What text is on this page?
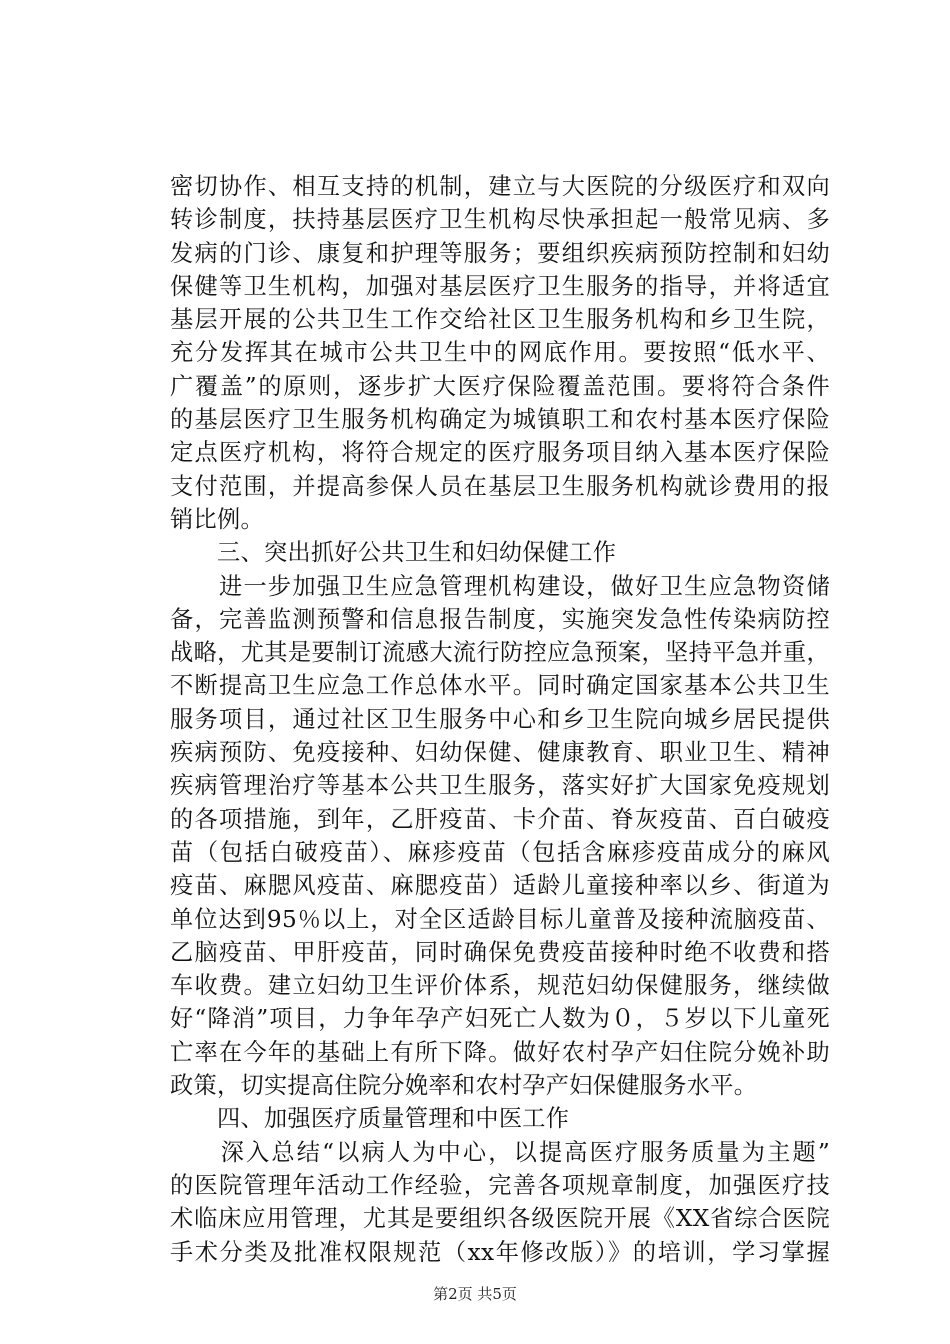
密切协作、相互支持的机制，建立与大医院的分级医疗和双向
转诊制度，扶持基层医疗卫生机构尽快承担起一般常见病、多
发病的门诊、康复和护理等服务；要组织疾病预防控制和妇幼
保健等卫生机构，加强对基层医疗卫生服务的指导，并将适宜
基层开展的公共卫生工作交给社区卫生服务机构和乡卫生院，
充分发挥其在城市公共卫生中的网底作用。要按照“低水平、
广覆盖”的原则，逐步扩大医疗保险覆盖范围。要将符合条件
的基层医疗卫生服务机构确定为城镇职工和农村基本医疗保险
定点医疗机构，将符合规定的医疗服务项目纳入基本医疗保险
支付范围，并提高参保人员在基层卫生服务机构就诊费用的报
销比例。
　　三、突出抓好公共卫生和妇幼保健工作
　　进一步加强卫生应急管理机构建设，做好卫生应急物资储
备，完善监测预警和信息报告制度，实施突发急性传染病防控
战略，尤其是要制订流感大流行防控应急预案，坚持平急并重，
不断提高卫生应急工作总体水平。同时确定国家基本公共卫生
服务项目，通过社区卫生服务中心和乡卫生院向城乡居民提供
疾病预防、免疫接种、妇幼保健、健康教育、职业卫生、精神
疾病管理治疗等基本公共卫生服务，落实好扩大国家免疫规划
的各项措施，到年，乙肝疫苗、卡介苗、脊灰疫苗、百白破疫
苗（包括白破疫苗）、麻疹疫苗（包括含麻疹疫苗成分的麻风
疫苗、麻腮风疫苗、麻腮疫苗）适龄儿童接种率以乡、街道为
单位达到95％以上，对全区适龄目标儿童普及接种流脑疫苗、
乙脑疫苗、甲肝疫苗，同时确保免费疫苗接种时绝不收费和搭
车收费。建立妇幼卫生评价体系，规范妇幼保健服务，继续做
好“降消”项目，力争年孕产妇死亡人数为０，５岁以下儿童死
亡率在今年的基础上有所下降。做好农村孕产妇住院分娩补助
政策，切实提高住院分娩率和农村孕产妇保健服务水平。
　　四、加强医疗质量管理和中医工作
　　深入总结“以病人为中心，以提高医疗服务质量为主题”
的医院管理年活动工作经验，完善各项规章制度，加强医疗技
术临床应用管理，尤其是要组织各级医院开展《XX省综合医院
手术分类及批准权限规范（xx年修改版）》的培训，学习掌握
第2页 共5页
